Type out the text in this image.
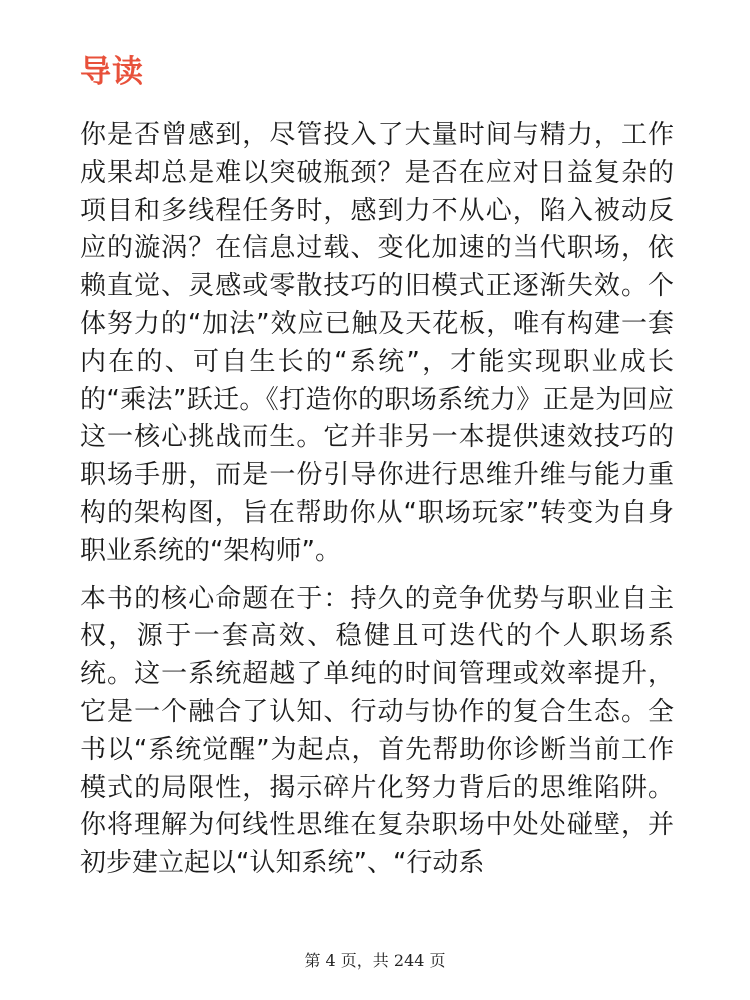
导读

你是否曾感到，尽管投入了大量时间与精力，工作成果却总是难以突破瓶颈？是否在应对日益复杂的项目和多线程任务时，感到力不从心，陷入被动反应的漩涡？在信息过载、变化加速的当代职场，依赖直觉、灵感或零散技巧的旧模式正逐渐失效。个体努力的“加法”效应已触及天花板，唯有构建一套内在的、可自生长的“系统”，才能实现职业成长的“乘法”跃迁。《打造你的职场系统力》正是为回应这一核心挑战而生。它并非另一本提供速效技巧的职场手册，而是一份引导你进行思维升维与能力重构的架构图，旨在帮助你从“职场玩家”转变为自身职业系统的“架构师”。

本书的核心命题在于：持久的竞争优势与职业自主权，源于一套高效、稳健且可迭代的个人职场系统。这一系统超越了单纯的时间管理或效率提升，它是一个融合了认知、行动与协作的复合生态。全书以“系统觉醒”为起点，首先帮助你诊断当前工作模式的局限性，揭示碎片化努力背后的思维陷阱。你将理解为何线性思维在复杂职场中处处碰壁，并初步建立起以“认知系统”、“行动系

第 4 页，共 244 页
